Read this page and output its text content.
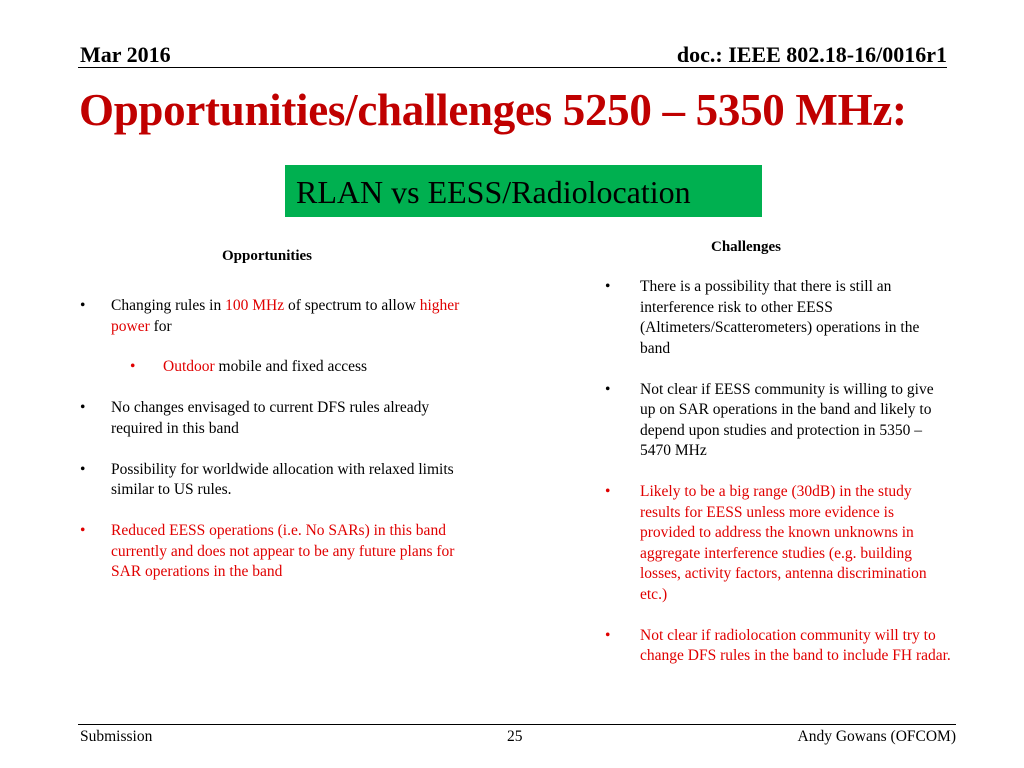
Mar 2016	doc.: IEEE 802.18-16/0016r1
Opportunities/challenges 5250 – 5350 MHz:
RLAN vs EESS/Radiolocation
Opportunities
•	Changing rules in 100 MHz of spectrum to allow higher power for
• Outdoor mobile and fixed access
•	No changes envisaged to current DFS rules already required in this band
•	Possibility for worldwide allocation with relaxed limits similar to US rules.
•	Reduced EESS operations (i.e. No SARs) in this band currently and does not appear to be any future plans for SAR operations in the band
Challenges
•	There is a possibility that there is still an interference risk to other EESS (Altimeters/Scatterometers) operations in the band
•	Not clear if EESS community is willing to give up on SAR operations in the band and likely to depend upon studies and protection in 5350 – 5470 MHz
•	Likely to be a big range (30dB) in the study results for EESS unless more evidence is provided to address the known unknowns in aggregate interference studies (e.g. building losses, activity factors, antenna discrimination etc.)
•	Not clear if radiolocation community will try to change DFS rules in the band to include FH radar.
Submission	25	Andy Gowans (OFCOM)
